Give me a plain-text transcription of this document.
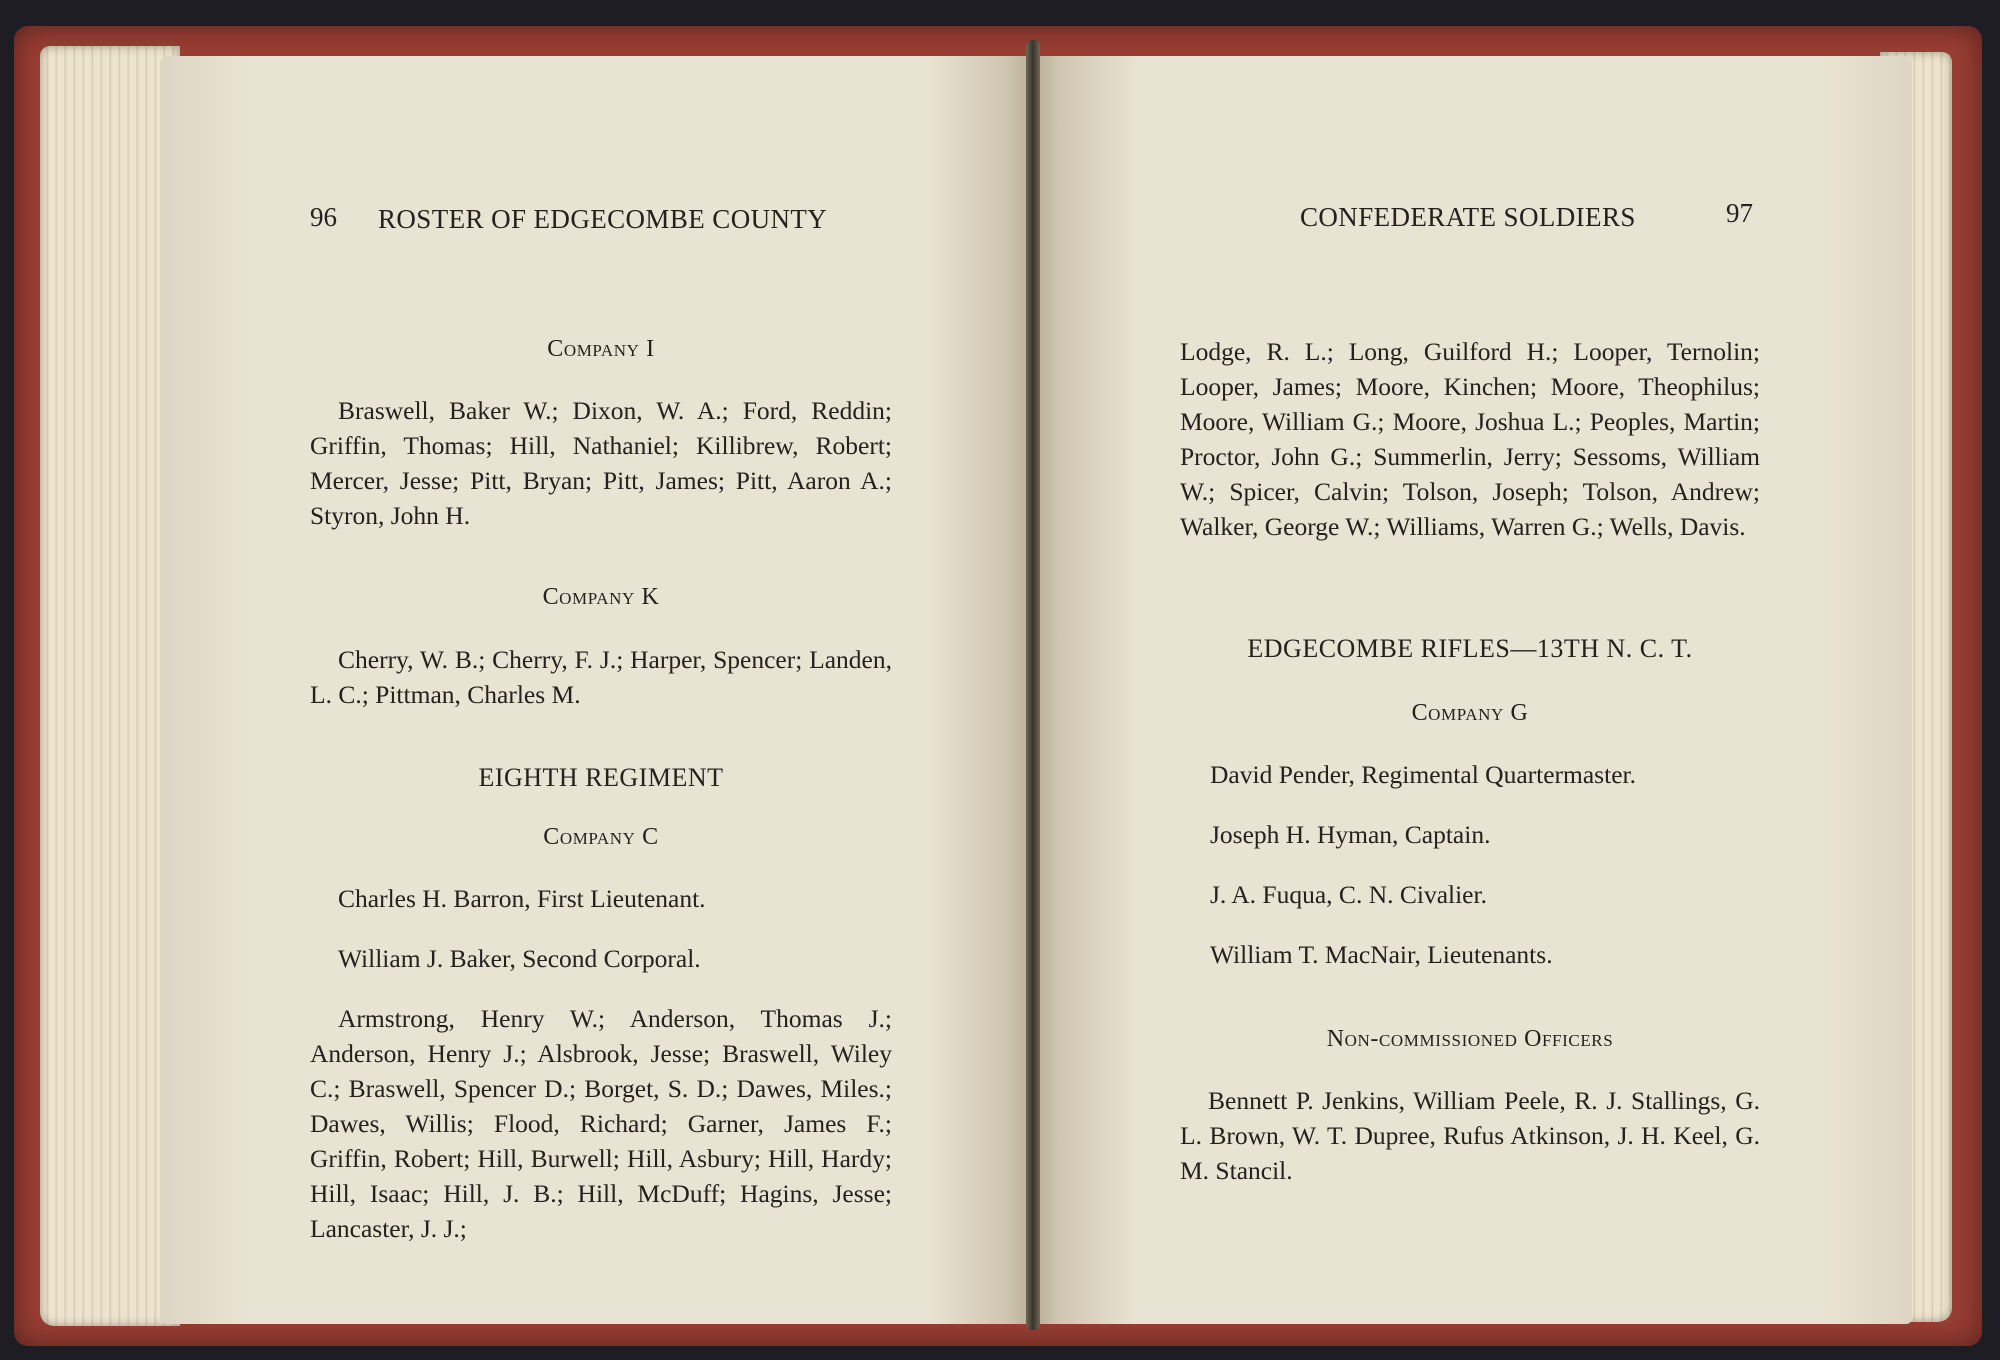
96 ROSTER OF EDGECOMBE COUNTY
Company I
Braswell, Baker W.; Dixon, W. A.; Ford, Reddin; Griffin, Thomas; Hill, Nathaniel; Killibrew, Robert; Mercer, Jesse; Pitt, Bryan; Pitt, James; Pitt, Aaron A.; Styron, John H.
Company K
Cherry, W. B.; Cherry, F. J.; Harper, Spencer; Landen, L. C.; Pittman, Charles M.
EIGHTH REGIMENT
Company C
Charles H. Barron, First Lieutenant.
William J. Baker, Second Corporal.
Armstrong, Henry W.; Anderson, Thomas J.; Anderson, Henry J.; Alsbrook, Jesse; Braswell, Wiley C.; Braswell, Spencer D.; Borget, S. D.; Dawes, Miles.; Dawes, Willis; Flood, Richard; Garner, James F.; Griffin, Robert; Hill, Burwell; Hill, Asbury; Hill, Hardy; Hill, Isaac; Hill, J. B.; Hill, McDuff; Hagins, Jesse; Lancaster, J. J.;
CONFEDERATE SOLDIERS	97
Lodge, R. L.; Long, Guilford H.; Looper, Ternolin; Looper, James; Moore, Kinchen; Moore, Theophilus; Moore, William G.; Moore, Joshua L.; Peoples, Martin; Proctor, John G.; Summerlin, Jerry; Sessoms, William W.; Spicer, Calvin; Tolson, Joseph; Tolson, Andrew; Walker, George W.; Williams, Warren G.; Wells, Davis.
EDGECOMBE RIFLES—13TH N. C. T.
Company G
David Pender, Regimental Quartermaster.
Joseph H. Hyman, Captain.
J. A. Fuqua, C. N. Civalier.
William T. MacNair, Lieutenants.
Non-commissioned Officers
Bennett P. Jenkins, William Peele, R. J. Stallings, G. L. Brown, W. T. Dupree, Rufus Atkinson, J. H. Keel, G. M. Stancil.
